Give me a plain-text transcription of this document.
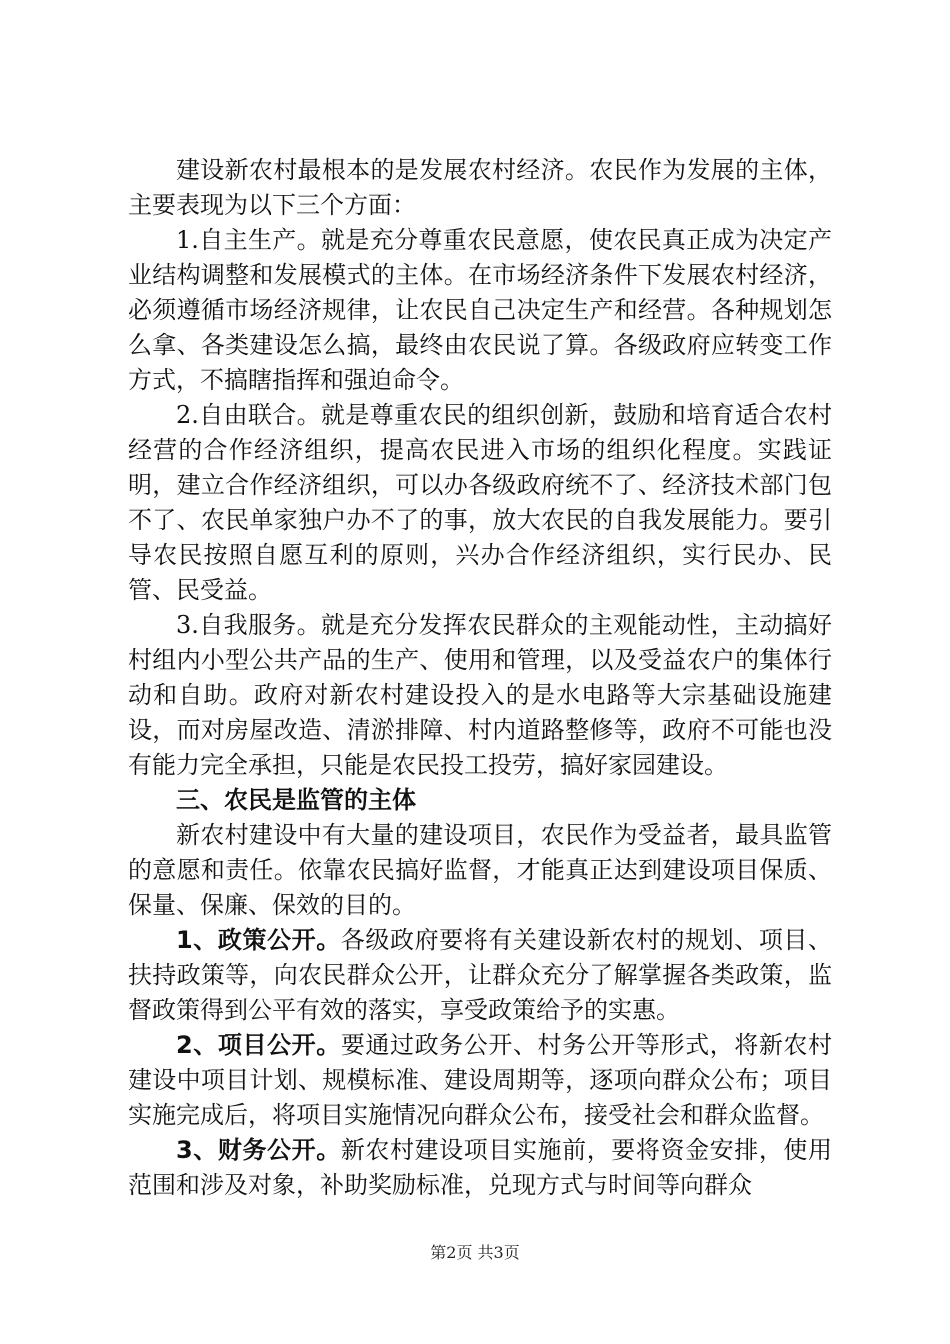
建设新农村最根本的是发展农村经济。农民作为发展的主体，主要表现为以下三个方面：

1.自主生产。就是充分尊重农民意愿，使农民真正成为决定产业结构调整和发展模式的主体。在市场经济条件下发展农村经济，必须遵循市场经济规律，让农民自己决定生产和经营。各种规划怎么拿、各类建设怎么搞，最终由农民说了算。各级政府应转变工作方式，不搞瞎指挥和强迫命令。

2.自由联合。就是尊重农民的组织创新，鼓励和培育适合农村经营的合作经济组织，提高农民进入市场的组织化程度。实践证明，建立合作经济组织，可以办各级政府统不了、经济技术部门包不了、农民单家独户办不了的事，放大农民的自我发展能力。要引导农民按照自愿互利的原则，兴办合作经济组织，实行民办、民管、民受益。

3.自我服务。就是充分发挥农民群众的主观能动性，主动搞好村组内小型公共产品的生产、使用和管理，以及受益农户的集体行动和自助。政府对新农村建设投入的是水电路等大宗基础设施建设，而对房屋改造、清淤排障、村内道路整修等，政府不可能也没有能力完全承担，只能是农民投工投劳，搞好家园建设。

三、农民是监管的主体

新农村建设中有大量的建设项目，农民作为受益者，最具监管的意愿和责任。依靠农民搞好监督，才能真正达到建设项目保质、保量、保廉、保效的目的。

1、政策公开。各级政府要将有关建设新农村的规划、项目、扶持政策等，向农民群众公开，让群众充分了解掌握各类政策，监督政策得到公平有效的落实，享受政策给予的实惠。

2、项目公开。要通过政务公开、村务公开等形式，将新农村建设中项目计划、规模标准、建设周期等，逐项向群众公布；项目实施完成后，将项目实施情况向群众公布，接受社会和群众监督。

3、财务公开。新农村建设项目实施前，要将资金安排，使用范围和涉及对象，补助奖励标准，兑现方式与时间等向群众

第2页 共3页
